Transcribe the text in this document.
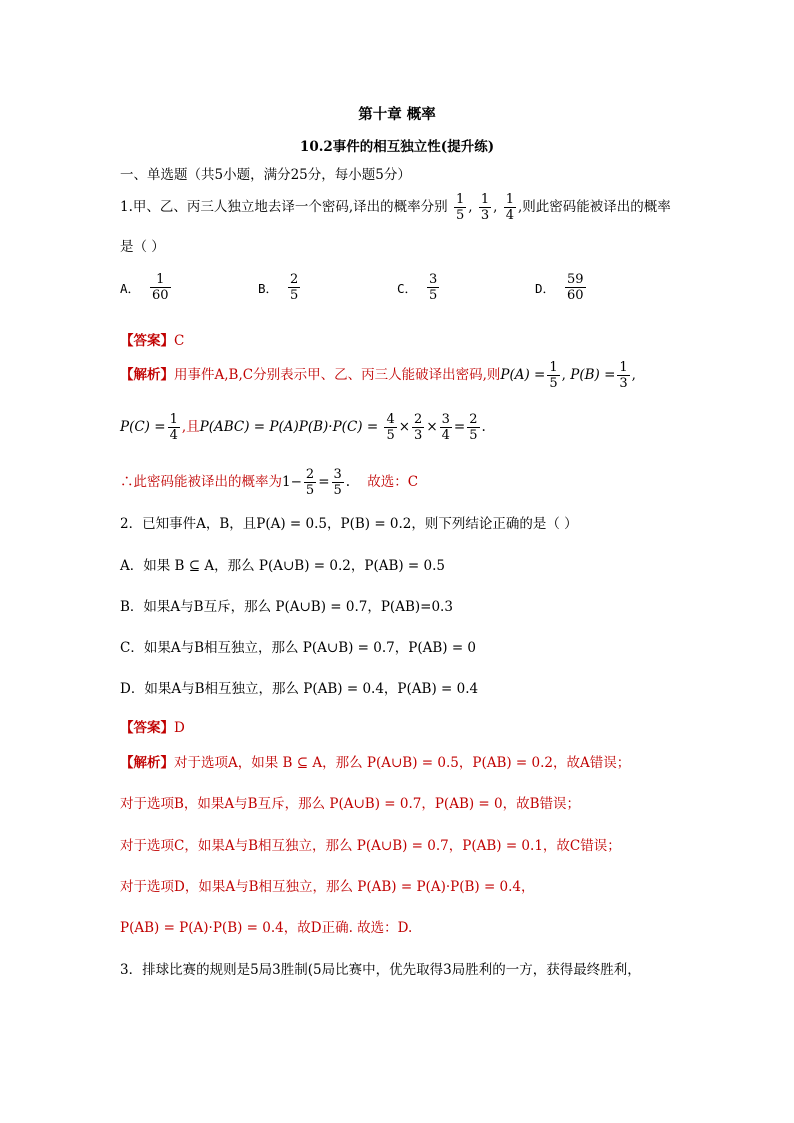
第十章 概率
10.2事件的相互独立性(提升练)
一、单选题（共5小题，满分25分，每小题5分）
1.甲、乙、丙三人独立地去译一个密码,译出的概率分别 $\frac{1}{5}$ , $\frac{1}{3}$ , $\frac{1}{4}$ ,则此密码能被译出的概率
是（ ）
A． $\frac{1}{60}$	B． $\frac{2}{5}$	C． $\frac{3}{5}$	D． $\frac{59}{60}$
【答案】C
【解析】用事件A,B,C分别表示甲、乙、丙三人能破译出密码,则$P(A) = \frac{1}{5}$ , $P(B) = \frac{1}{3}$ ,
$P(C) = \frac{1}{4}$ ,且$P(ABC) = P(A)P(B)\cdot P(C) = \frac{4}{5} \times \frac{2}{3} \times \frac{3}{4} = \frac{2}{5}$ .
∴此密码能被译出的概率为$1- \frac{2}{5} = \frac{3}{5}$ .    故选：C
2．已知事件A，B，且P(A) = 0.5，P(B) = 0.2，则下列结论正确的是（ ）
A．如果 B ⊆ A，那么 P(A∪B) = 0.2，P(AB) = 0.5
B．如果A与B互斥，那么 P(A∪B) = 0.7，P(AB)=0.3
C．如果A与B相互独立，那么 P(A∪B) = 0.7，P(AB) = 0
D．如果A与B相互独立，那么 P(AB) = 0.4，P(AB) = 0.4
【答案】D
【解析】对于选项A，如果 B ⊆ A，那么 P(A∪B) = 0.5，P(AB) = 0.2，故A错误；
对于选项B，如果A与B互斥，那么 P(A∪B) = 0.7，P(AB) = 0，故B错误；
对于选项C，如果A与B相互独立，那么 P(A∪B) = 0.7，P(AB) = 0.1，故C错误；
对于选项D，如果A与B相互独立，那么 P(AB) = P(A)·P(B) = 0.4，
P(AB) = P(A)·P(B) = 0.4，故D正确. 故选：D.
3．排球比赛的规则是5局3胜制(5局比赛中，优先取得3局胜利的一方，获得最终胜利，
